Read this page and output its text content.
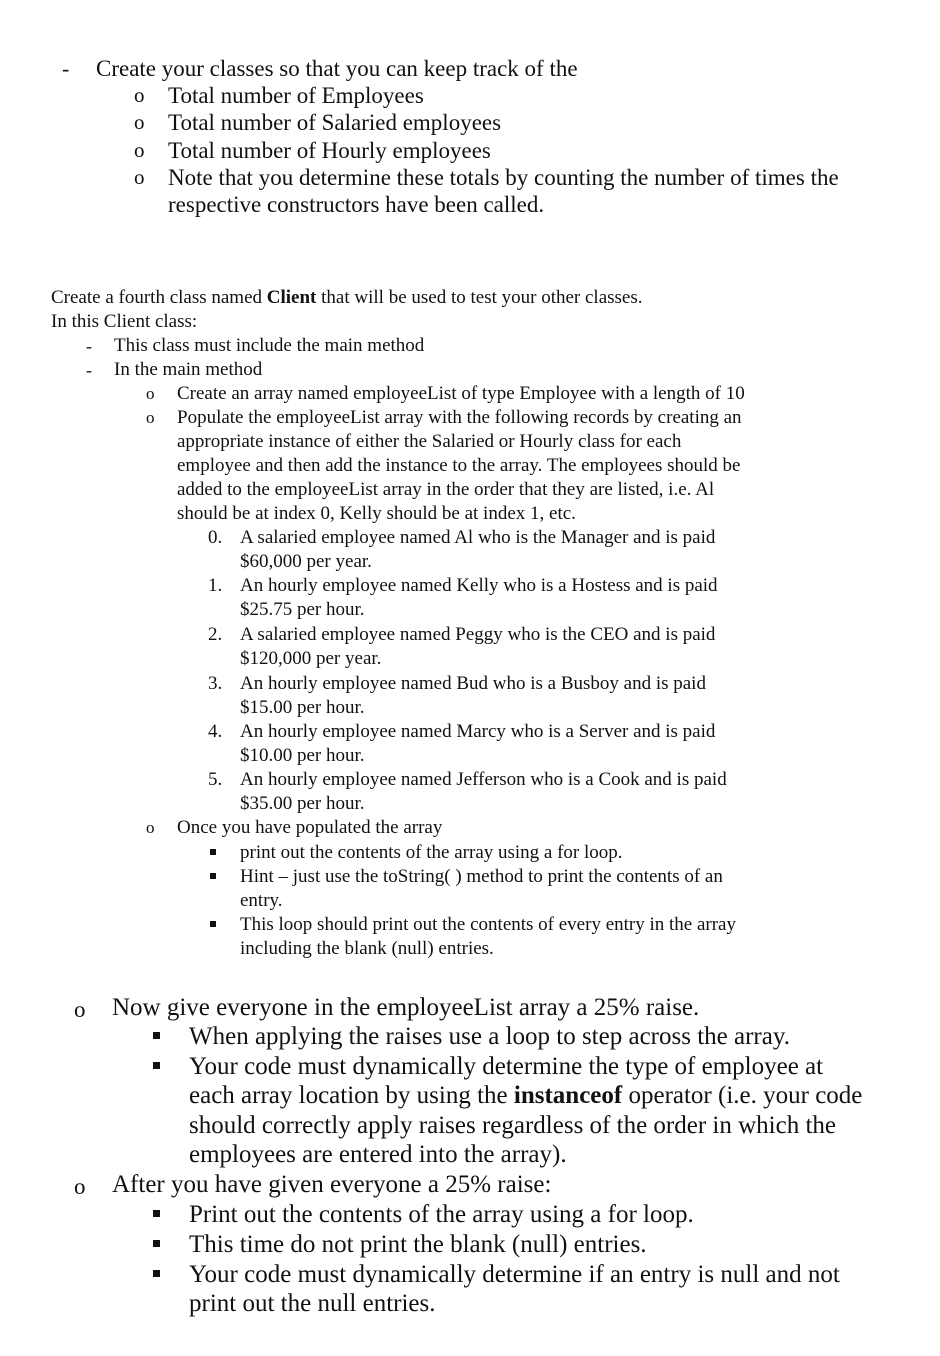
- Create your classes so that you can keep track of the
o Total number of Employees
o Total number of Salaried employees
o Total number of Hourly employees
o Note that you determine these totals by counting the number of times the
respective constructors have been called.
Create a fourth class named Client that will be used to test your other classes.
In this Client class:
- This class must include the main method
- In the main method
o Create an array named employeeList of type Employee with a length of 10
o Populate the employeeList array with the following records by creating an
appropriate instance of either the Salaried or Hourly class for each
employee and then add the instance to the array. The employees should be
added to the employeeList array in the order that they are listed, i.e. Al
should be at index 0, Kelly should be at index 1, etc.
0. A salaried employee named Al who is the Manager and is paid
$60,000 per year.
1. An hourly employee named Kelly who is a Hostess and is paid
$25.75 per hour.
2. A salaried employee named Peggy who is the CEO and is paid
$120,000 per year.
3. An hourly employee named Bud who is a Busboy and is paid
$15.00 per hour.
4. An hourly employee named Marcy who is a Server and is paid
$10.00 per hour.
5. An hourly employee named Jefferson who is a Cook and is paid
$35.00 per hour.
o Once you have populated the array
print out the contents of the array using a for loop.
Hint – just use the toString( ) method to print the contents of an
entry.
This loop should print out the contents of every entry in the array
including the blank (null) entries.
o Now give everyone in the employeeList array a 25% raise.
When applying the raises use a loop to step across the array.
Your code must dynamically determine the type of employee at
each array location by using the instanceof operator (i.e. your code
should correctly apply raises regardless of the order in which the
employees are entered into the array).
o After you have given everyone a 25% raise:
Print out the contents of the array using a for loop.
This time do not print the blank (null) entries.
Your code must dynamically determine if an entry is null and not
print out the null entries.
